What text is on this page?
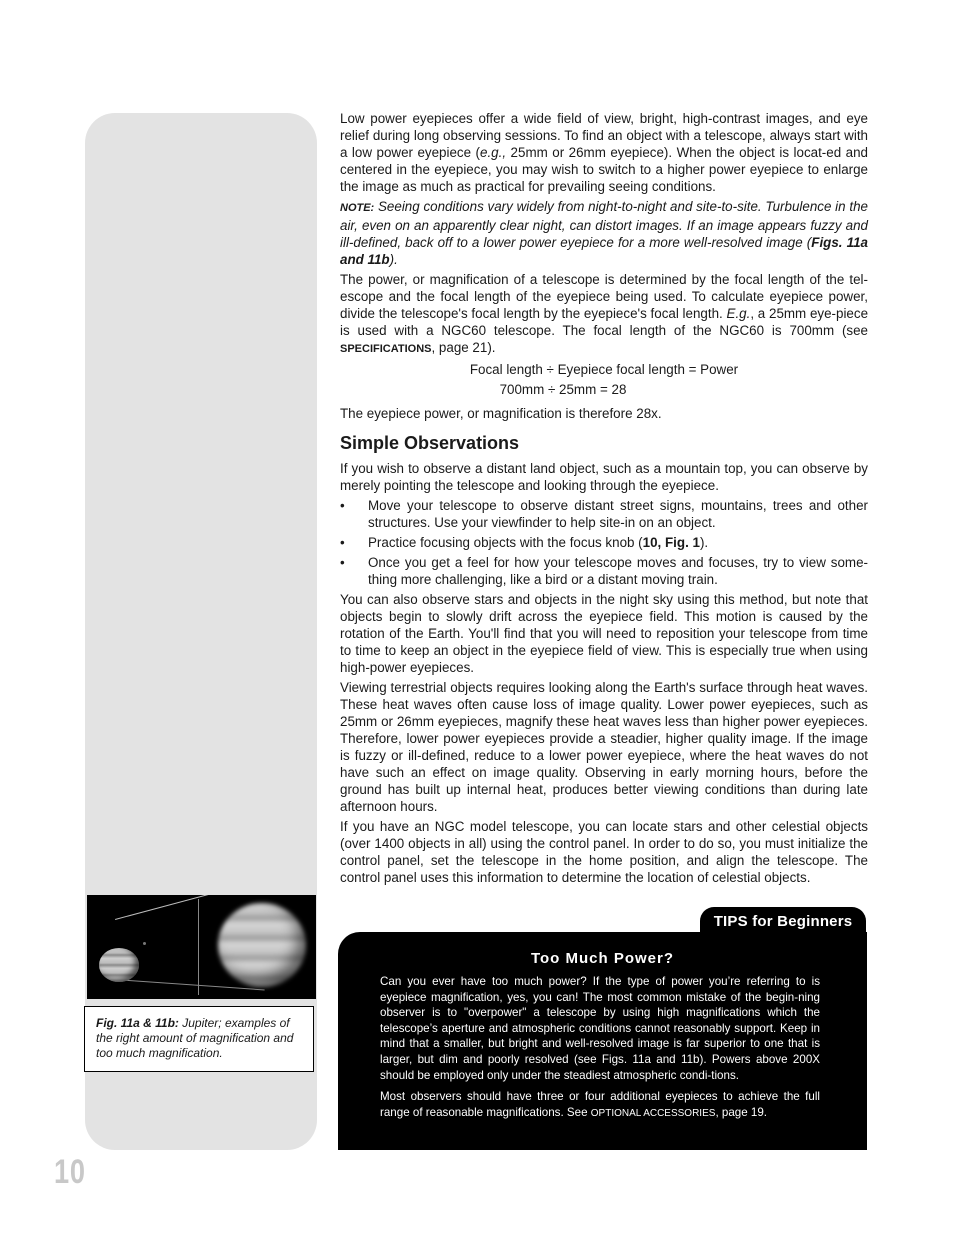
Fig. 11a & 11b: Jupiter; examples of the right amount of magnification and too much magnification.

Low power eyepieces offer a wide field of view, bright, high-contrast images, and eye relief during long observing sessions. To find an object with a telescope, always start with a low power eyepiece (e.g., 25mm or 26mm eyepiece). When the object is locat-ed and centered in the eyepiece, you may wish to switch to a higher power eyepiece to enlarge the image as much as practical for prevailing seeing conditions.

NOTE: Seeing conditions vary widely from night-to-night and site-to-site. Turbulence in the air, even on an apparently clear night, can distort images. If an image appears fuzzy and ill-defined, back off to a lower power eyepiece for a more well-resolved image (Figs. 11a and 11b).

The power, or magnification of a telescope is determined by the focal length of the tel-escope and the focal length of the eyepiece being used. To calculate eyepiece power, divide the telescope's focal length by the eyepiece's focal length. E.g., a 25mm eye-piece is used with a NGC60 telescope. The focal length of the NGC60 is 700mm (see SPECIFICATIONS, page 21).

Focal length ÷ Eyepiece focal length = Power

700mm ÷ 25mm = 28

The eyepiece power, or magnification is therefore 28x.

Simple Observations

If you wish to observe a distant land object, such as a mountain top, you can observe by merely pointing the telescope and looking through the eyepiece.

• Move your telescope to observe distant street signs, mountains, trees and other structures. Use your viewfinder to help site-in on an object.
• Practice focusing objects with the focus knob (10, Fig. 1).
• Once you get a feel for how your telescope moves and focuses, try to view some-thing more challenging, like a bird or a distant moving train.

You can also observe stars and objects in the night sky using this method, but note that objects begin to slowly drift across the eyepiece field. This motion is caused by the rotation of the Earth. You'll find that you will need to reposition your telescope from time to time to keep an object in the eyepiece field of view. This is especially true when using high-power eyepieces.

Viewing terrestrial objects requires looking along the Earth's surface through heat waves. These heat waves often cause loss of image quality. Lower power eyepieces, such as 25mm or 26mm eyepieces, magnify these heat waves less than higher power eyepieces. Therefore, lower power eyepieces provide a steadier, higher quality image. If the image is fuzzy or ill-defined, reduce to a lower power eyepiece, where the heat waves do not have such an effect on image quality. Observing in early morning hours, before the ground has built up internal heat, produces better viewing conditions than during late afternoon hours.

If you have an NGC model telescope, you can locate stars and other celestial objects (over 1400 objects in all) using the control panel. In order to do so, you must initialize the control panel, set the telescope in the home position, and align the telescope. The control panel uses this information to determine the location of celestial objects.

TIPS for Beginners
Too Much Power?

Can you ever have too much power? If the type of power you’re referring to is eyepiece magnification, yes, you can! The most common mistake of the begin-ning observer is to "overpower" a telescope by using high magnifications which the telescope’s aperture and atmospheric conditions cannot reasonably support. Keep in mind that a smaller, but bright and well-resolved image is far superior to one that is larger, but dim and poorly resolved (see Figs. 11a and 11b). Powers above 200X should be employed only under the steadiest atmospheric condi-tions.

Most observers should have three or four additional eyepieces to achieve the full range of reasonable magnifications. See OPTIONAL ACCESSORIES, page 19.

10
